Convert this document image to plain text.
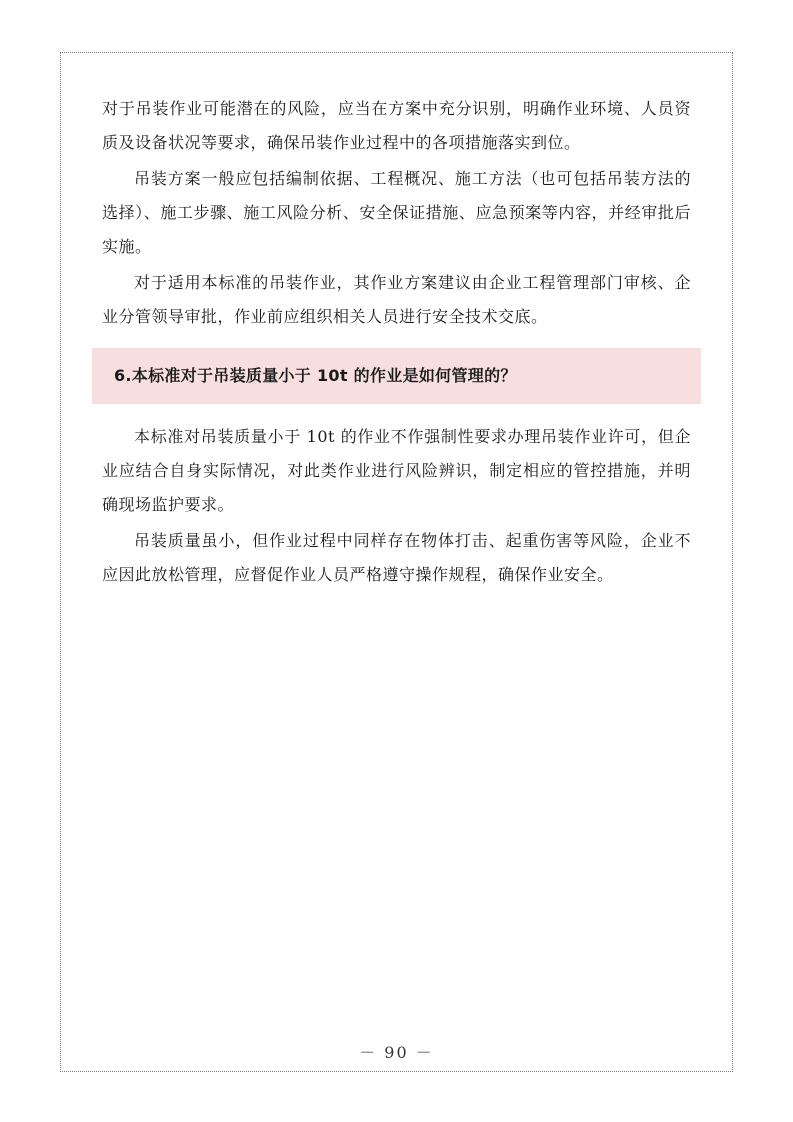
对于吊装作业可能潜在的风险，应当在方案中充分识别，明确作业环境、人员资质及设备状况等要求，确保吊装作业过程中的各项措施落实到位。

吊装方案一般应包括编制依据、工程概况、施工方法（也可包括吊装方法的选择）、施工步骤、施工风险分析、安全保证措施、应急预案等内容，并经审批后实施。

对于适用本标准的吊装作业，其作业方案建议由企业工程管理部门审核、企业分管领导审批，作业前应组织相关人员进行安全技术交底。

6.本标准对于吊装质量小于 10t 的作业是如何管理的？

本标准对吊装质量小于 10t 的作业不作强制性要求办理吊装作业许可，但企业应结合自身实际情况，对此类作业进行风险辨识，制定相应的管控措施，并明确现场监护要求。

吊装质量虽小，但作业过程中同样存在物体打击、起重伤害等风险，企业不应因此放松管理，应督促作业人员严格遵守操作规程，确保作业安全。

－ 90 －
